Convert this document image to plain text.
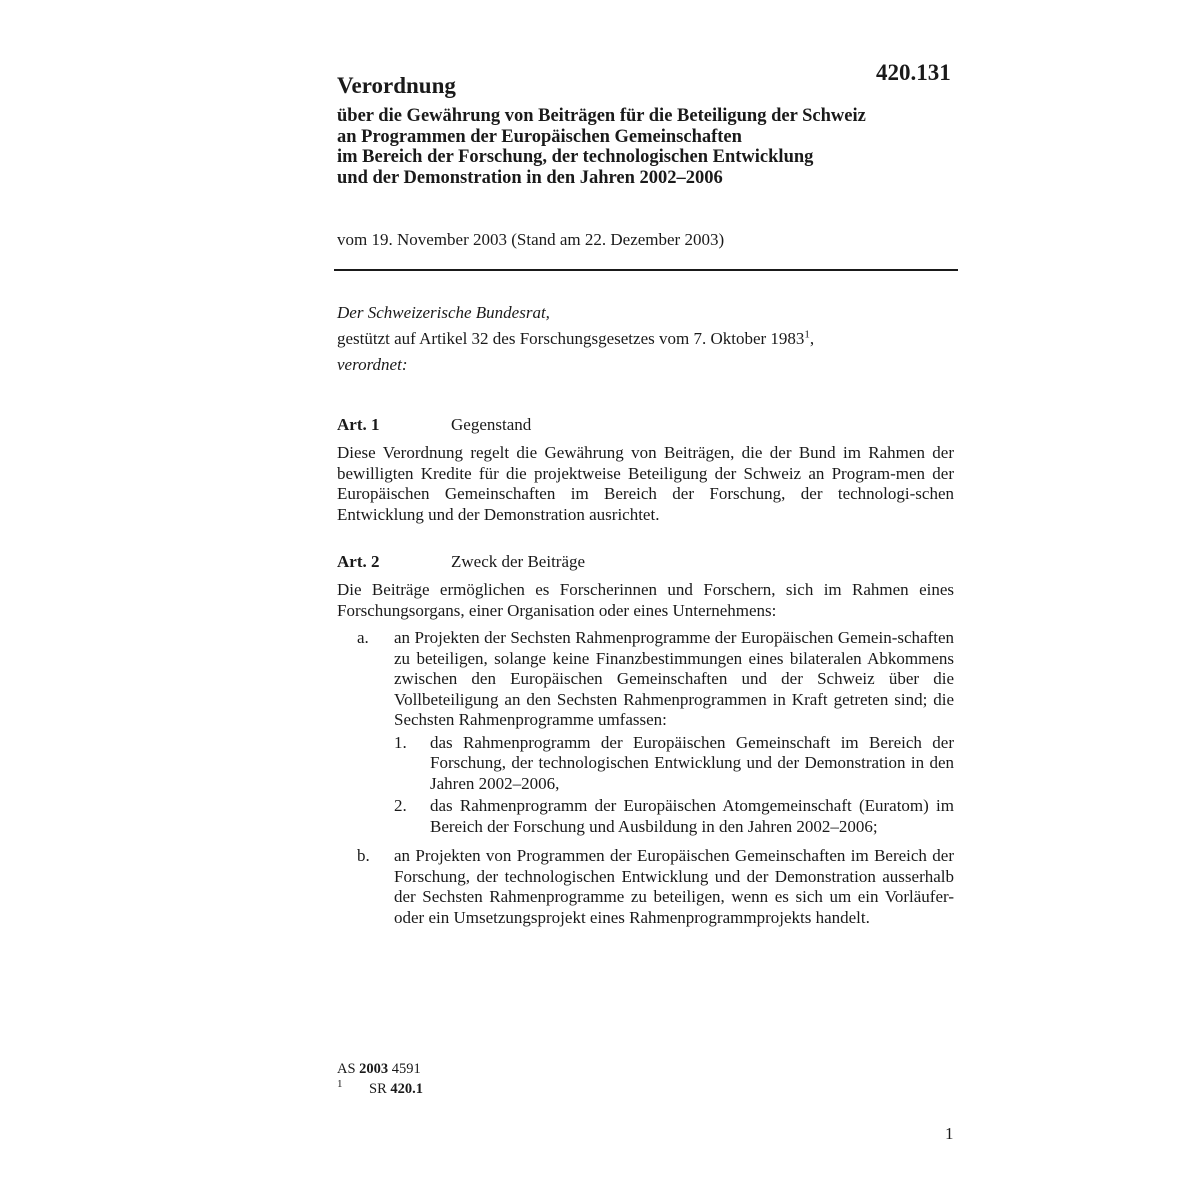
420.131
Verordnung
über die Gewährung von Beiträgen für die Beteiligung der Schweiz
an Programmen der Europäischen Gemeinschaften
im Bereich der Forschung, der technologischen Entwicklung
und der Demonstration in den Jahren 2002–2006
vom 19. November 2003 (Stand am 22. Dezember 2003)
Der Schweizerische Bundesrat,
gestützt auf Artikel 32 des Forschungsgesetzes vom 7. Oktober 1983$^1$,
verordnet:
Art. 1	Gegenstand
Diese Verordnung regelt die Gewährung von Beiträgen, die der Bund im Rahmen der bewilligten Kredite für die projektweise Beteiligung der Schweiz an Program-men der Europäischen Gemeinschaften im Bereich der Forschung, der technologi-schen Entwicklung und der Demonstration ausrichtet.
Art. 2	Zweck der Beiträge
Die Beiträge ermöglichen es Forscherinnen und Forschern, sich im Rahmen eines Forschungsorgans, einer Organisation oder eines Unternehmens:
a. an Projekten der Sechsten Rahmenprogramme der Europäischen Gemein-schaften zu beteiligen, solange keine Finanzbestimmungen eines bilateralen Abkommens zwischen den Europäischen Gemeinschaften und der Schweiz über die Vollbeteiligung an den Sechsten Rahmenprogrammen in Kraft getreten sind; die Sechsten Rahmenprogramme umfassen:
1. das Rahmenprogramm der Europäischen Gemeinschaft im Bereich der Forschung, der technologischen Entwicklung und der Demonstration in den Jahren 2002–2006,
2. das Rahmenprogramm der Europäischen Atomgemeinschaft (Euratom) im Bereich der Forschung und Ausbildung in den Jahren 2002–2006;
b. an Projekten von Programmen der Europäischen Gemeinschaften im Bereich der Forschung, der technologischen Entwicklung und der Demonstration ausserhalb der Sechsten Rahmenprogramme zu beteiligen, wenn es sich um ein Vorläufer- oder ein Umsetzungsprojekt eines Rahmenprogrammprojekts handelt.
AS 2003 4591
1 SR 420.1
1
